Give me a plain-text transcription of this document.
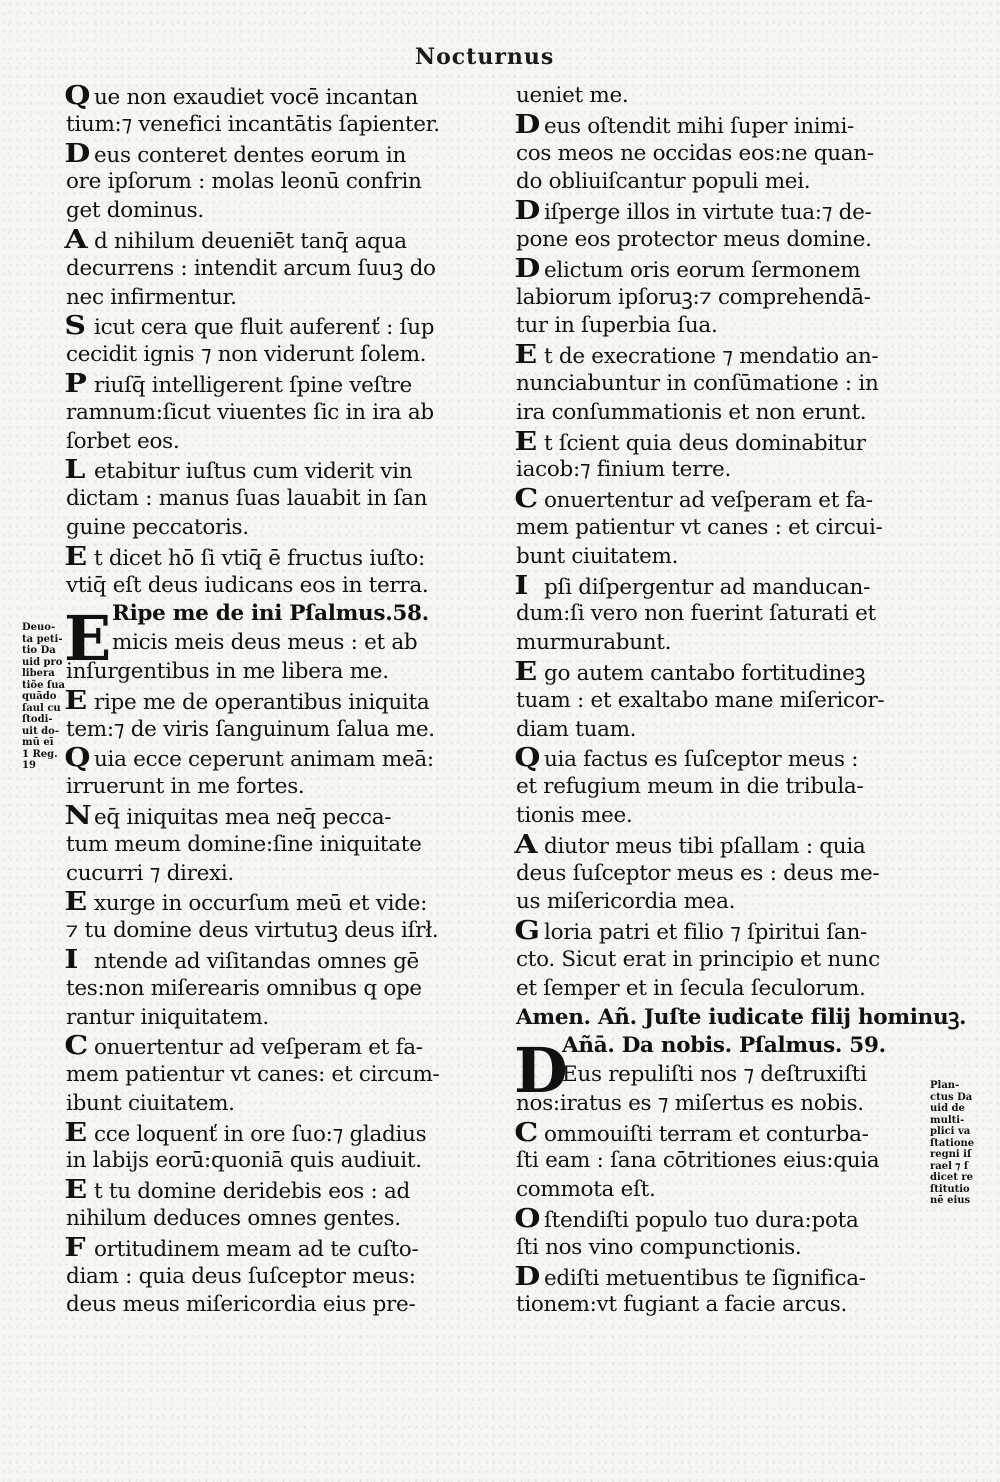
Nocturnus
Q ue non exaudiet vocē incantan
tium:⁊ venefici incantātis ſapienter.
D eus conteret dentes eorum in
ore ipſorum : molas leonū confrin
get dominus.
A d nihilum deueniēt tanq̄ aqua
decurrens : intendit arcum ſuuꝫ do
nec infirmentur.
S icut cera que fluit auferenť : ſup
cecidit ignis ⁊ non viderunt ſolem.
P riuſq̄ intelligerent ſpine veſtre
ramnum:ſicut viuentes ſic in ira ab
ſorbet eos.
L etabitur iuſtus cum viderit vin
dictam : manus ſuas lauabit in ſan
guine peccatoris.
E t dicet hō ſi vtiq̄ ē fructus iuſto:
vtiq̄ eſt deus iudicans eos in terra.
Ripe me de ini Pſalmus.58.
micis meis deus meus : et ab
inſurgentibus in me libera me.
E ripe me de operantibus iniquita
tem:⁊ de viris ſanguinum ſalua me.
Q uia ecce ceperunt animam meā:
irruerunt in me fortes.
N eq̄ iniquitas mea neq̄ pecca-
tum meum domine:ſine iniquitate
cucurri ⁊ direxi.
E xurge in occurſum meū et vide:
⁊ tu domine deus virtutuꝫ deus iſrł.
I ntende ad viſitandas omnes gē
tes:non miſerearis omnibus q ope
rantur iniquitatem.
C onuertentur ad veſperam et fa-
mem patientur vt canes: et circum-
ibunt ciuitatem.
E cce loquenť in ore ſuo:⁊ gladius
in labijs eorū:quoniā quis audiuit.
E t tu domine deridebis eos : ad
nihilum deduces omnes gentes.
F ortitudinem meam ad te cuſto-
diam : quia deus ſuſceptor meus:
deus meus miſericordia eius pre-
ueniet me.
D eus oſtendit mihi ſuper inimi-
cos meos ne occidas eos:ne quan-
do obliuiſcantur populi mei.
D iſperge illos in virtute tua:⁊ de-
pone eos protector meus domine.
D elictum oris eorum ſermonem
labiorum ipſoruꝫ:⁊ comprehendā-
tur in ſuperbia ſua.
E t de execratione ⁊ mendatio an-
nunciabuntur in conſūmatione : in
ira conſummationis et non erunt.
E t ſcient quia deus dominabitur
iacob:⁊ finium terre.
C onuertentur ad veſperam et fa-
mem patientur vt canes : et circui-
bunt ciuitatem.
I pſi diſpergentur ad manducan-
dum:ſi vero non fuerint ſaturati et
murmurabunt.
E go autem cantabo fortitudineꝫ
tuam : et exaltabo mane miſericor-
diam tuam.
Q uia factus es ſuſceptor meus :
et refugium meum in die tribula-
tionis mee.
A diutor meus tibi pſallam : quia
deus ſuſceptor meus es : deus me-
us miſericordia mea.
G loria patri et filio ⁊ ſpiritui ſan-
cto. Sicut erat in principio et nunc
et ſemper et in ſecula ſeculorum.
Amen. Añ. Juſte iudicate filij hominuꝫ.
Añā. Da nobis. Pſalmus. 59.
Eus repuliſti nos ⁊ deſtruxiſti
nos:iratus es ⁊ miſertus es nobis.
C ommouiſti terram et conturba-
ſti eam : ſana cōtritiones eius:quia
commota eſt.
O ſtendiſti populo tuo dura:pota
ſti nos vino compunctionis.
D ediſti metuentibus te ſignifica-
tionem:vt fugiant a facie arcus.
E
D
Deuo-
ta peti-
tio Da
uid pro
libera
tiõe ſua
quādo
ſaul cu
ſtodi-
uit do-
mū eī
1 Reg.
19
Plan-
ctus Da
uid de
multi-
plici va
ſtatione
regni iſ
rael ⁊ ſ
dicet re
ſtitutio
nē eius
